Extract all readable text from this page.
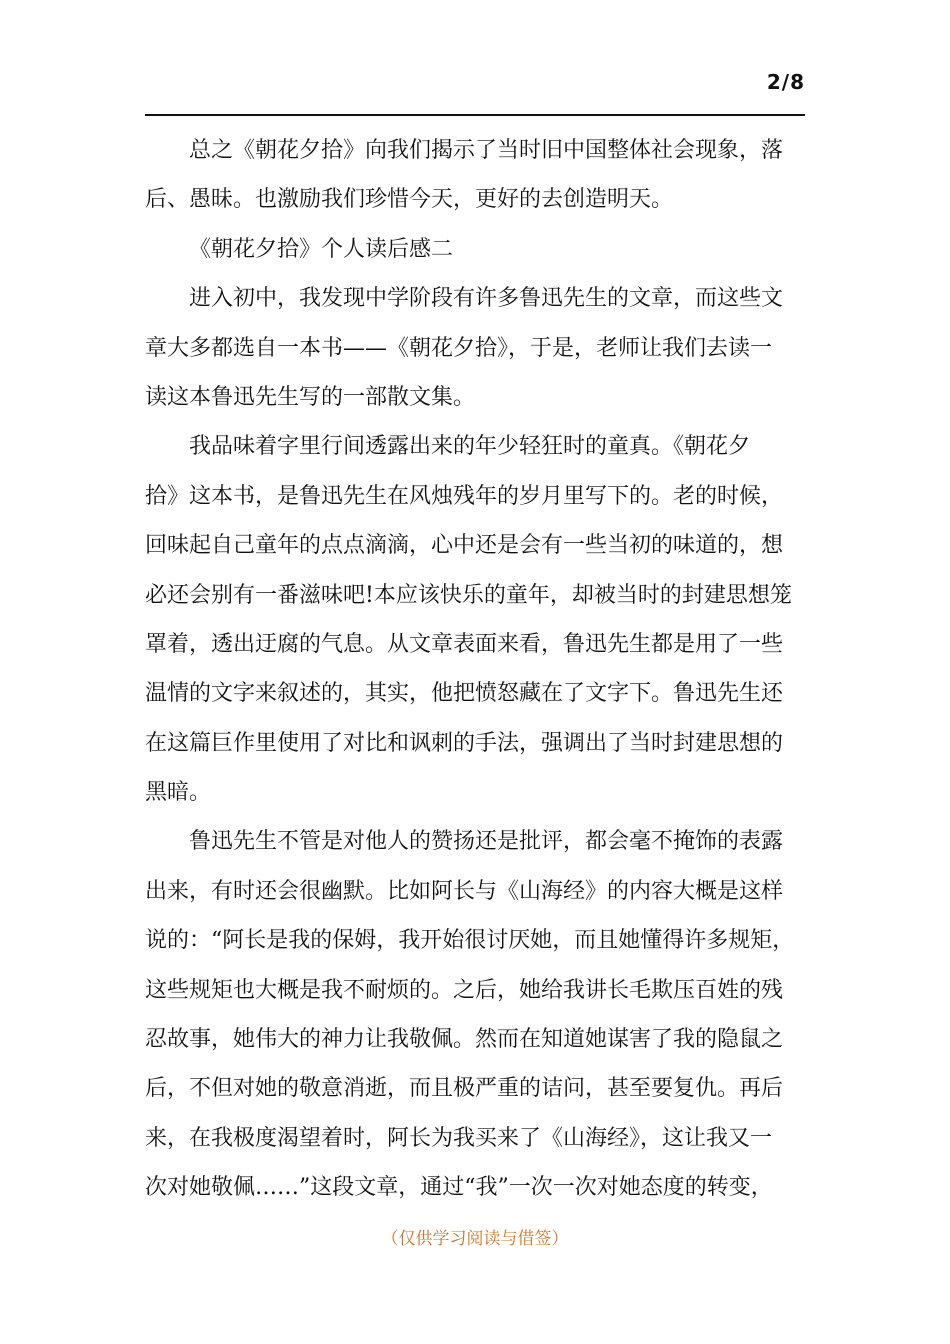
2/8
总之《朝花夕拾》向我们揭示了当时旧中国整体社会现象，落
后、愚昧。也激励我们珍惜今天，更好的去创造明天。
《朝花夕拾》个人读后感二
进入初中，我发现中学阶段有许多鲁迅先生的文章，而这些文
章大多都选自一本书——《朝花夕拾》，于是，老师让我们去读一
读这本鲁迅先生写的一部散文集。
我品味着字里行间透露出来的年少轻狂时的童真。《朝花夕
拾》这本书，是鲁迅先生在风烛残年的岁月里写下的。老的时候，
回味起自己童年的点点滴滴，心中还是会有一些当初的味道的，想
必还会别有一番滋味吧!本应该快乐的童年，却被当时的封建思想笼
罩着，透出迂腐的气息。从文章表面来看，鲁迅先生都是用了一些
温情的文字来叙述的，其实，他把愤怒藏在了文字下。鲁迅先生还
在这篇巨作里使用了对比和讽刺的手法，强调出了当时封建思想的
黑暗。
鲁迅先生不管是对他人的赞扬还是批评，都会毫不掩饰的表露
出来，有时还会很幽默。比如阿长与《山海经》的内容大概是这样
说的：“阿长是我的保姆，我开始很讨厌她，而且她懂得许多规矩，
这些规矩也大概是我不耐烦的。之后，她给我讲长毛欺压百姓的残
忍故事，她伟大的神力让我敬佩。然而在知道她谋害了我的隐鼠之
后，不但对她的敬意消逝，而且极严重的诘问，甚至要复仇。再后
来，在我极度渴望着时，阿长为我买来了《山海经》，这让我又一
次对她敬佩……”这段文章，通过“我”一次一次对她态度的转变，
（仅供学习阅读与借签）
